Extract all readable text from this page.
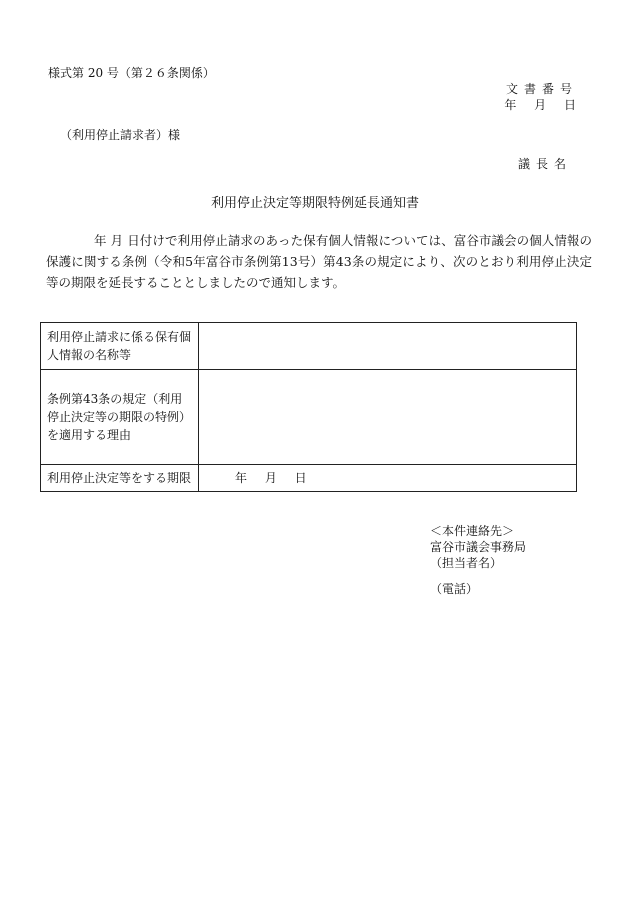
様式第 20 号（第２６条関係）
文書番号
年 月 日
（利用停止請求者）様
議長名
利用停止決定等期限特例延長通知書
年 月 日付けで利用停止請求のあった保有個人情報については、富谷市議会の個人情報の保護に関する条例（令和5年富谷市条例第13号）第43条の規定により、次のとおり利用停止決定等の期限を延長することとしましたので通知します。
利用停止請求に係る保有個人情報の名称等	
条例第43条の規定（利用停止決定等の期限の特例）を適用する理由	
利用停止決定等をする期限	年 月 日
＜本件連絡先＞
富谷市議会事務局
（担当者名）
（電話）
